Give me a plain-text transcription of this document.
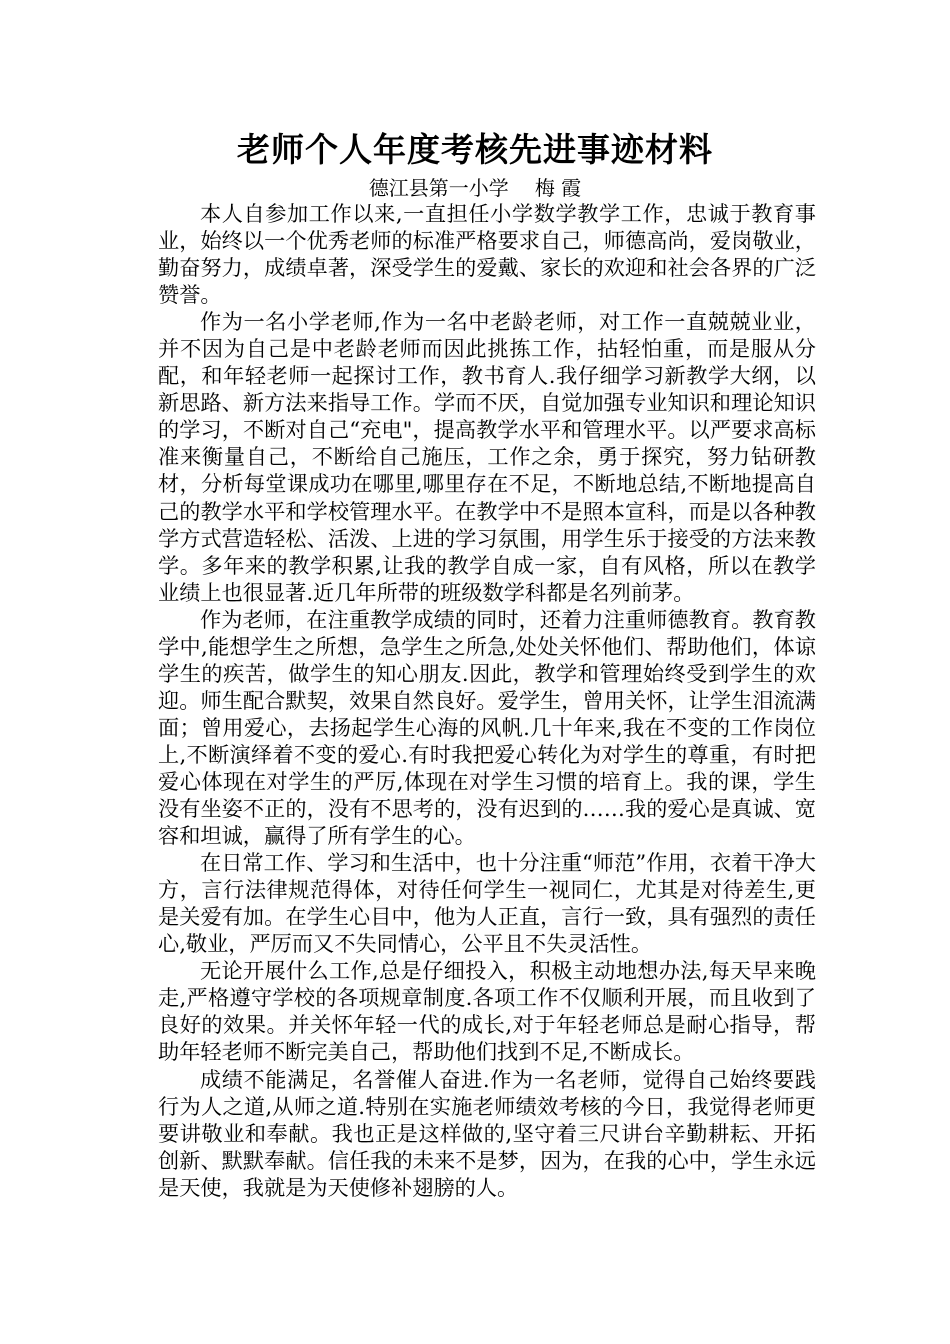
老师个人年度考核先进事迹材料
德江县第一小学 梅 霞

本人自参加工作以来,一直担任小学数学教学工作，忠诚于教育事业，始终以一个优秀老师的标准严格要求自己，师德高尚，爱岗敬业，勤奋努力，成绩卓著，深受学生的爱戴、家长的欢迎和社会各界的广泛赞誉。

作为一名小学老师,作为一名中老龄老师，对工作一直兢兢业业，并不因为自己是中老龄老师而因此挑拣工作，拈轻怕重，而是服从分配，和年轻老师一起探讨工作，教书育人.我仔细学习新教学大纲，以新思路、新方法来指导工作。学而不厌，自觉加强专业知识和理论知识的学习，不断对自己“充电"，提高教学水平和管理水平。以严要求高标准来衡量自己，不断给自己施压，工作之余，勇于探究，努力钻研教材，分析每堂课成功在哪里,哪里存在不足，不断地总结,不断地提高自己的教学水平和学校管理水平。在教学中不是照本宣科，而是以各种教学方式营造轻松、活泼、上进的学习氛围，用学生乐于接受的方法来教学。多年来的教学积累,让我的教学自成一家，自有风格，所以在教学业绩上也很显著.近几年所带的班级数学科都是名列前茅。

作为老师，在注重教学成绩的同时，还着力注重师德教育。教育教学中,能想学生之所想，急学生之所急,处处关怀他们、帮助他们，体谅学生的疾苦，做学生的知心朋友.因此，教学和管理始终受到学生的欢迎。师生配合默契，效果自然良好。爱学生，曾用关怀，让学生泪流满面；曾用爱心，去扬起学生心海的风帆.几十年来,我在不变的工作岗位上,不断演绎着不变的爱心.有时我把爱心转化为对学生的尊重，有时把爱心体现在对学生的严厉,体现在对学生习惯的培育上。我的课，学生没有坐姿不正的，没有不思考的，没有迟到的……我的爱心是真诚、宽容和坦诚，赢得了所有学生的心。

在日常工作、学习和生活中，也十分注重“师范”作用，衣着干净大方，言行法律规范得体，对待任何学生一视同仁，尤其是对待差生,更是关爱有加。在学生心目中，他为人正直，言行一致，具有强烈的责任心,敬业，严厉而又不失同情心，公平且不失灵活性。

无论开展什么工作,总是仔细投入，积极主动地想办法,每天早来晚走,严格遵守学校的各项规章制度.各项工作不仅顺利开展，而且收到了良好的效果。并关怀年轻一代的成长,对于年轻老师总是耐心指导，帮助年轻老师不断完美自己，帮助他们找到不足,不断成长。

成绩不能满足，名誉催人奋进.作为一名老师，觉得自己始终要践行为人之道,从师之道.特别在实施老师绩效考核的今日，我觉得老师更要讲敬业和奉献。我也正是这样做的,坚守着三尺讲台辛勤耕耘、开拓创新、默默奉献。信任我的未来不是梦，因为，在我的心中，学生永远是天使，我就是为天使修补翅膀的人。
